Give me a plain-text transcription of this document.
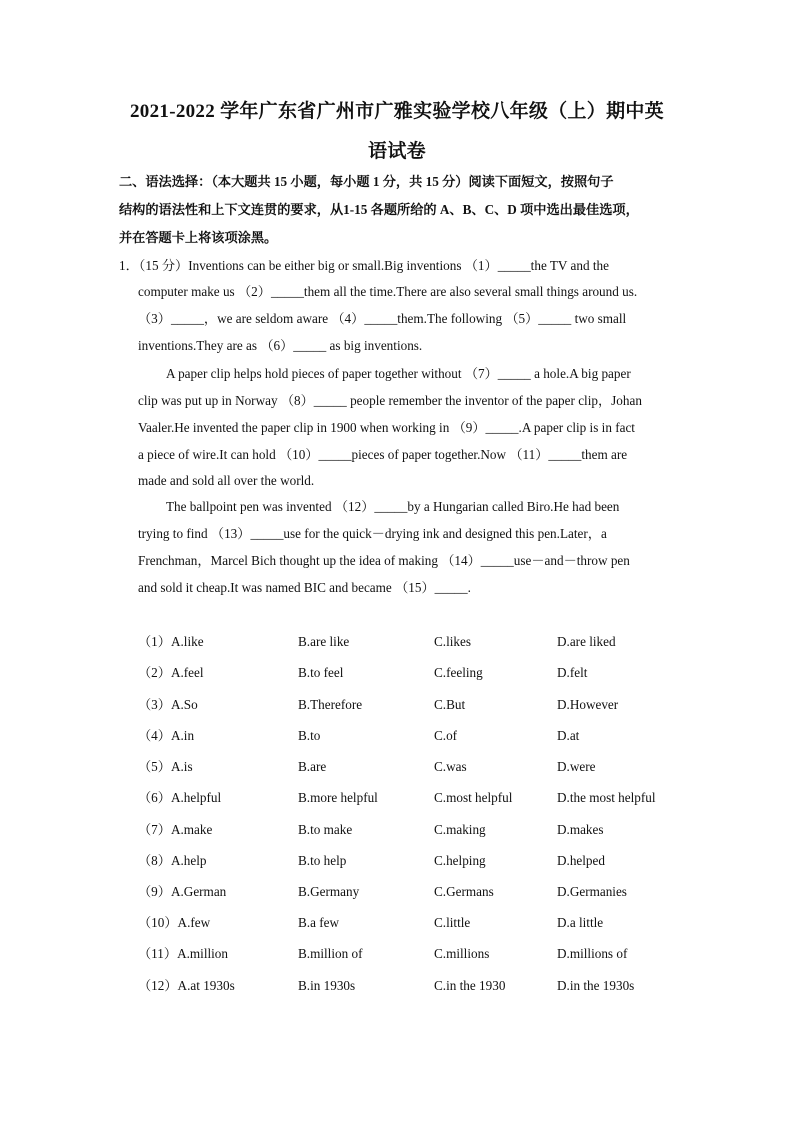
2021-2022 学年广东省广州市广雅实验学校八年级（上）期中英
语试卷
二、语法选择：（本大题共 15 小题，每小题 1 分，共 15 分）阅读下面短文，按照句子
结构的语法性和上下文连贯的要求，从1-15 各题所给的 A、B、C、D 项中选出最佳选项，
并在答题卡上将该项涂黑。
1．（15 分）Inventions can be either big or small.Big inventions （1）_____the TV and the
computer make us （2）_____them all the time.There are also several small things around us.
（3）_____，we are seldom aware （4）_____them.The following （5）_____ two small
inventions.They are as （6）_____ as big inventions.
A paper clip helps hold pieces of paper together without （7）_____ a hole.A big paper
clip was put up in Norway （8）_____ people remember the inventor of the paper clip，Johan
Vaaler.He invented the paper clip in 1900 when working in （9）_____.A paper clip is in fact
a piece of wire.It can hold （10）_____pieces of paper together.Now （11）_____them are
made and sold all over the world.
The ballpoint pen was invented （12）_____by a Hungarian called Biro.He had been
trying to find （13）_____use for the quick－drying ink and designed this pen.Later，a
Frenchman，Marcel Bich thought up the idea of making （14）_____use－and－throw pen
and sold it cheap.It was named BIC and became （15）_____.
（1）A.like	B.are like	C.likes	D.are liked
（2）A.feel	B.to feel	C.feeling	D.felt
（3）A.So	B.Therefore	C.But	D.However
（4）A.in	B.to	C.of	D.at
（5）A.is	B.are	C.was	D.were
（6）A.helpful	B.more helpful	C.most helpful	D.the most helpful
（7）A.make	B.to make	C.making	D.makes
（8）A.help	B.to help	C.helping	D.helped
（9）A.German	B.Germany	C.Germans	D.Germanies
（10）A.few	B.a few	C.little	D.a little
（11）A.million	B.million of	C.millions	D.millions of
（12）A.at 1930s	B.in 1930s	C.in the 1930	D.in the 1930s
